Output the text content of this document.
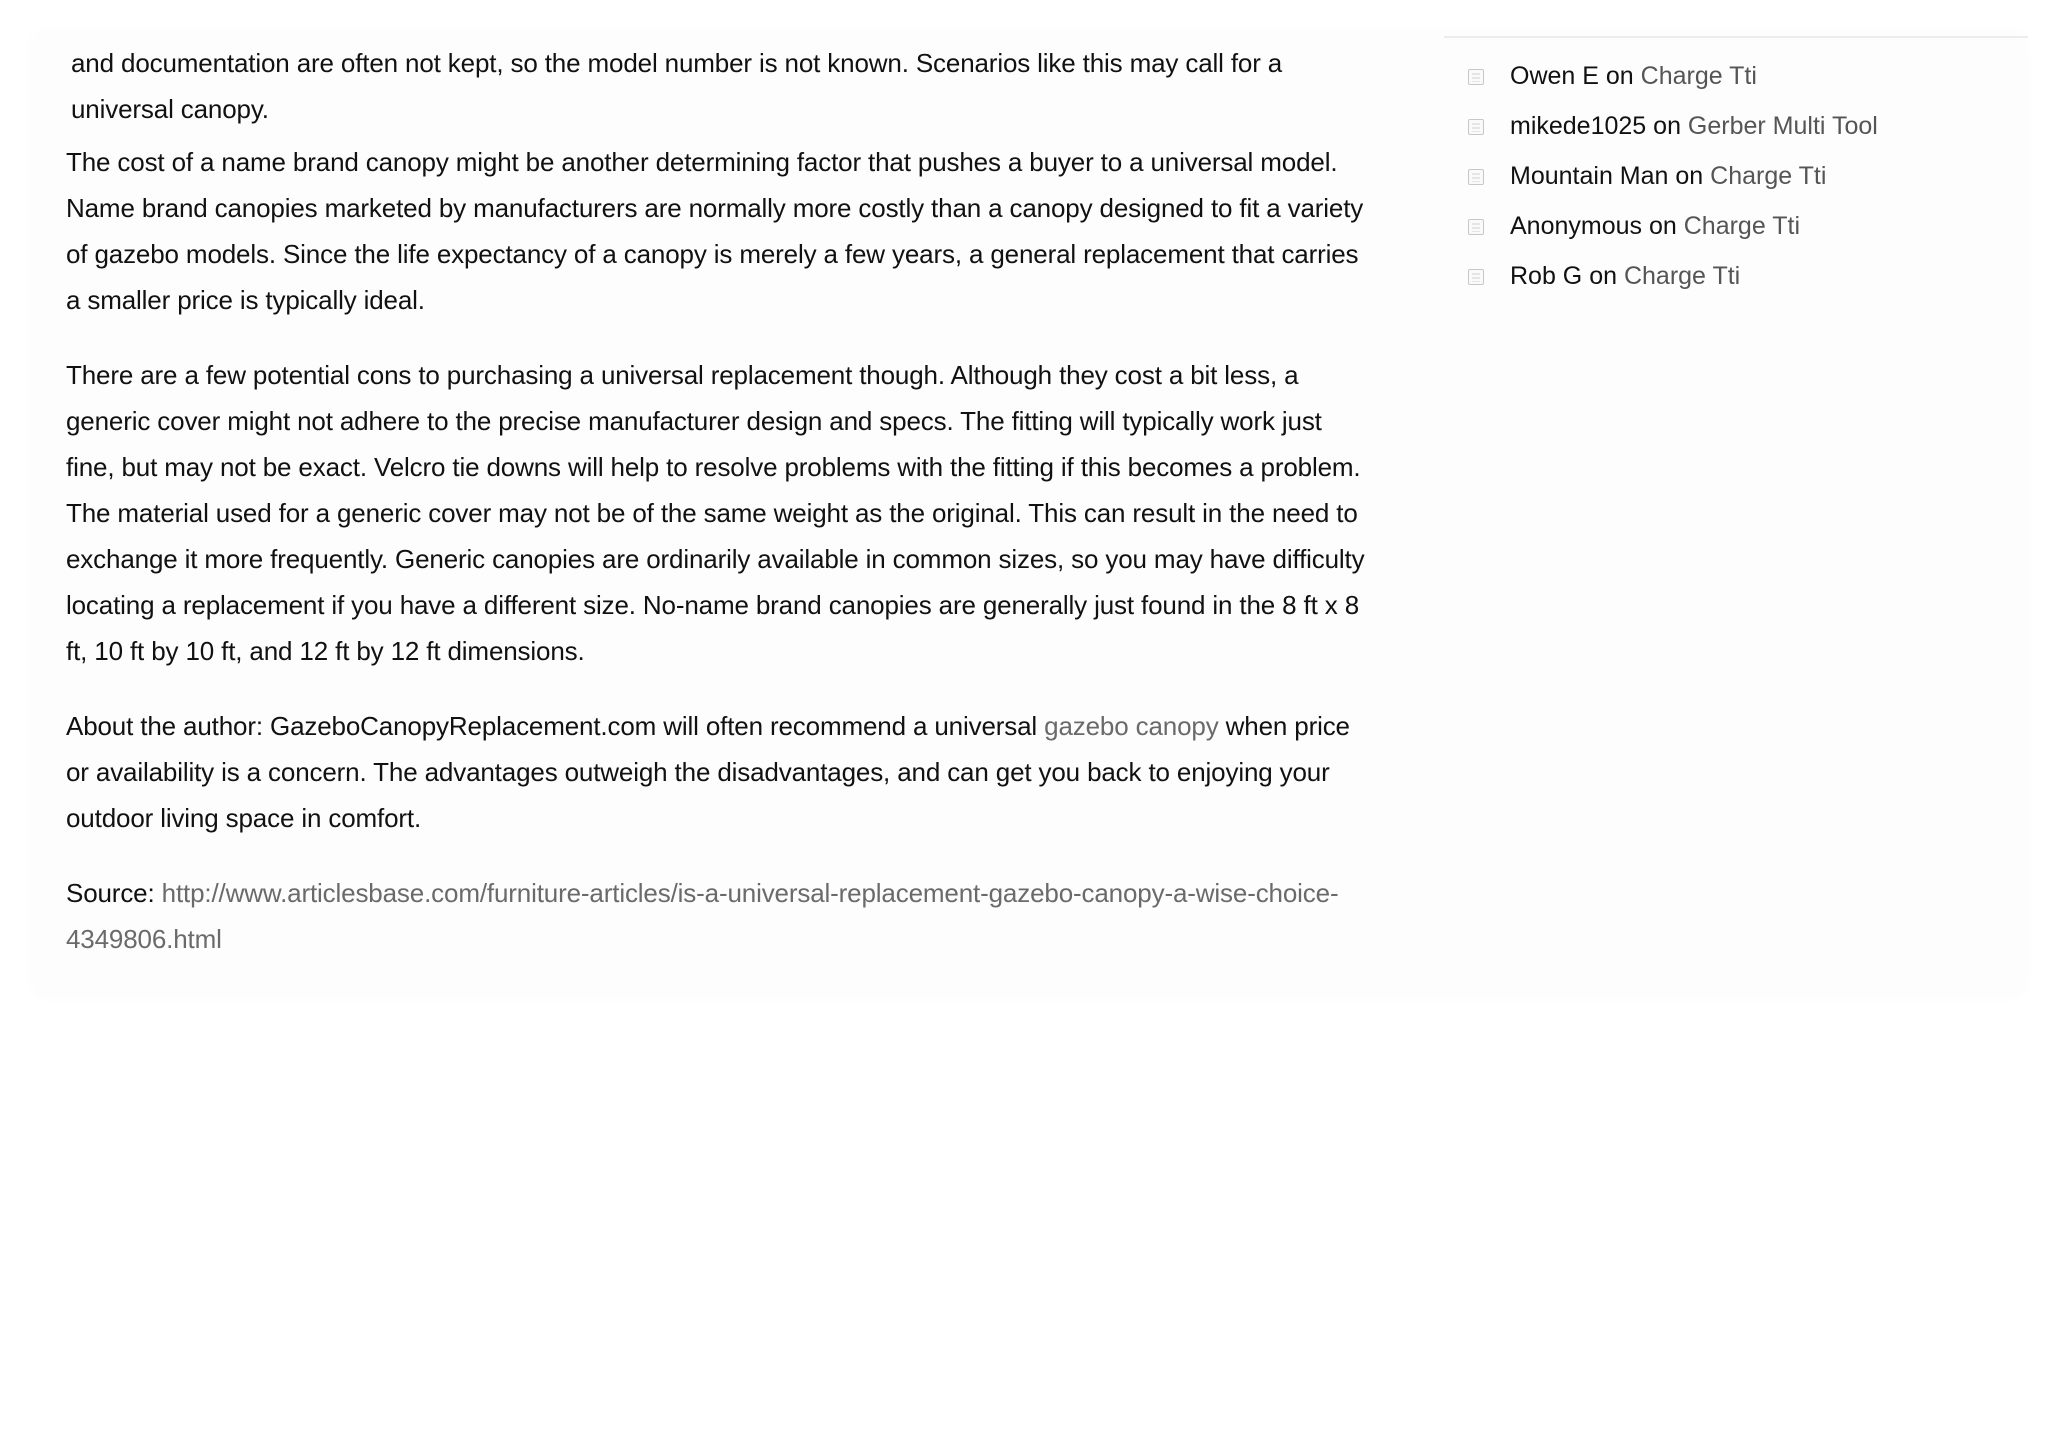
and documentation are often not kept, so the model number is not known. Scenarios like this may call for a universal canopy.

The cost of a name brand canopy might be another determining factor that pushes a buyer to a universal model. Name brand canopies marketed by manufacturers are normally more costly than a canopy designed to fit a variety of gazebo models. Since the life expectancy of a canopy is merely a few years, a general replacement that carries a smaller price is typically ideal.

There are a few potential cons to purchasing a universal replacement though. Although they cost a bit less, a generic cover might not adhere to the precise manufacturer design and specs. The fitting will typically work just fine, but may not be exact. Velcro tie downs will help to resolve problems with the fitting if this becomes a problem. The material used for a generic cover may not be of the same weight as the original. This can result in the need to exchange it more frequently. Generic canopies are ordinarily available in common sizes, so you may have difficulty locating a replacement if you have a different size. No-name brand canopies are generally just found in the 8 ft x 8 ft, 10 ft by 10 ft, and 12 ft by 12 ft dimensions.

About the author: GazeboCanopyReplacement.com will often recommend a universal gazebo canopy when price or availability is a concern. The advantages outweigh the disadvantages, and can get you back to enjoying your outdoor living space in comfort.

Source: http://www.articlesbase.com/furniture-articles/is-a-universal-replacement-gazebo-canopy-a-wise-choice-4349806.html

Owen E on Charge Tti
mikede1025 on Gerber Multi Tool
Mountain Man on Charge Tti
Anonymous on Charge Tti
Rob G on Charge Tti
